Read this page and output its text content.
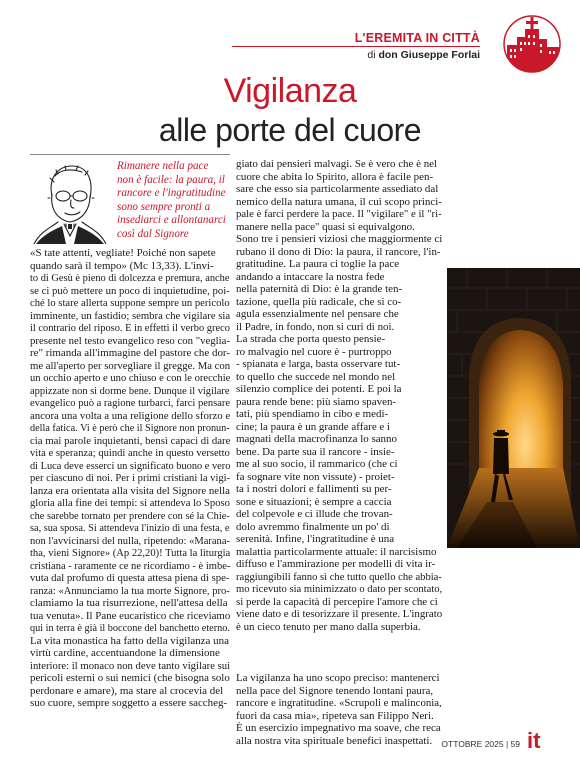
L'EREMITA IN CITTÀ
di don Giuseppe Forlai
Vigilanza
alle porte del cuore
Rimanere nella pace
non è facile: la paura, il
rancore e l'ingratitudine
sono sempre pronti a
insediarci e allontanarci
così dal Signore
«S tate attenti, vegliate! Poiché non sapete
quando sarà il tempo» (Mc 13,33). L'invi-
to di Gesù è pieno di dolcezza e premura, anche
se ci può mettere un poco di inquietudine, poi-
ché lo stare allerta suppone sempre un pericolo
imminente, un fastidio; sembra che vigilare sia
il contrario del riposo. E in effetti il verbo greco
presente nel testo evangelico reso con "veglia-
re" rimanda all'immagine del pastore che dor-
me all'aperto per sorvegliare il gregge. Ma con
un occhio aperto e uno chiuso e con le orecchie
appizzate non si dorme bene. Dunque il vigilare
evangelico può a ragione turbarci, farci pensare
ancora una volta a una religione dello sforzo e
della fatica. Vi è però che il Signore non pronun-
cia mai parole inquietanti, bensì capaci di dare
vita e speranza; quindi anche in questo versetto
di Luca deve esserci un significato buono e vero
per ciascuno di noi. Per i primi cristiani la vigi-
lanza era orientata alla visita del Signore nella
gloria alla fine dei tempi: si attendeva lo Sposo
che sarebbe tornato per prendere con sé la Chie-
sa, sua sposa. Si attendeva l'inizio di una festa, e
non l'avvicinarsi del nulla, ripetendo: «Marana-
tha, vieni Signore» (Ap 22,20)! Tutta la liturgia
cristiana - raramente ce ne ricordiamo - è imbe-
vuta dal profumo di questa attesa piena di spe-
ranza: «Annunciamo la tua morte Signore, pro-
clamiamo la tua risurrezione, nell'attesa della
tua venuta». Il Pane eucaristico che riceviamo
qui in terra è già il boccone del banchetto eterno.
La vita monastica ha fatto della vigilanza una
virtù cardine, accentuandone la dimensione
interiore: il monaco non deve tanto vigilare sui
pericoli esterni o sui nemici (che bisogna solo
perdonare e amare), ma stare al crocevia del
suo cuore, sempre soggetto a essere saccheg-
giato dai pensieri malvagi. Se è vero che è nel
cuore che abita lo Spirito, allora è facile pen-
sare che esso sia particolarmente assediato dal
nemico della natura umana, il cui scopo princi-
pale è farci perdere la pace. Il "vigilare" e il "ri-
manere nella pace" quasi si equivalgono.
Sono tre i pensieri viziosi che maggiormente ci
rubano il dono di Dio: la paura, il rancore, l'in-
gratitudine. La paura ci toglie la pace
andando a intaccare la nostra fede
nella paternità di Dio: è la grande ten-
tazione, quella più radicale, che si co-
agula essenzialmente nel pensare che
il Padre, in fondo, non si curi di noi.
La strada che porta questo pensie-
ro malvagio nel cuore è - purtroppo
- spianata e larga, basta osservare tut-
to quello che succede nel mondo nel
silenzio complice dei potenti. E poi la
paura rende bene: più siamo spaven-
tati, più spendiamo in cibo e medi-
cine; la paura è un grande affare e i
magnati della macrofinanza lo sanno
bene. Da parte sua il rancore - insie-
me al suo socio, il rammarico (che ci
fa sognare vite non vissute) - proiet-
ta i nostri dolori e fallimenti su per-
sone e situazioni; è sempre a caccia
del colpevole e ci illude che trovan-
dolo avremmo finalmente un po' di
serenità. Infine, l'ingratitudine è una
malattia particolarmente attuale: il narcisismo
diffuso e l'ammirazione per modelli di vita ir-
raggiungibili fanno sì che tutto quello che abbia-
mo ricevuto sia minimizzato o dato per scontato,
si perde la capacità di percepire l'amore che ci
viene dato e di tesorizzare il presente. L'ingrato
è un cieco tenuto per mano dalla superbia.
La vigilanza ha uno scopo preciso: mantenerci
nella pace del Signore tenendo lontani paura,
rancore e ingratitudine. «Scrupoli e malinconia,
fuori da casa mia», ripeteva san Filippo Neri.
È un esercizio impegnativo ma soave, che reca
alla nostra vita spirituale benefici inaspettati.	OTTOBRE 2025 | 59 it
